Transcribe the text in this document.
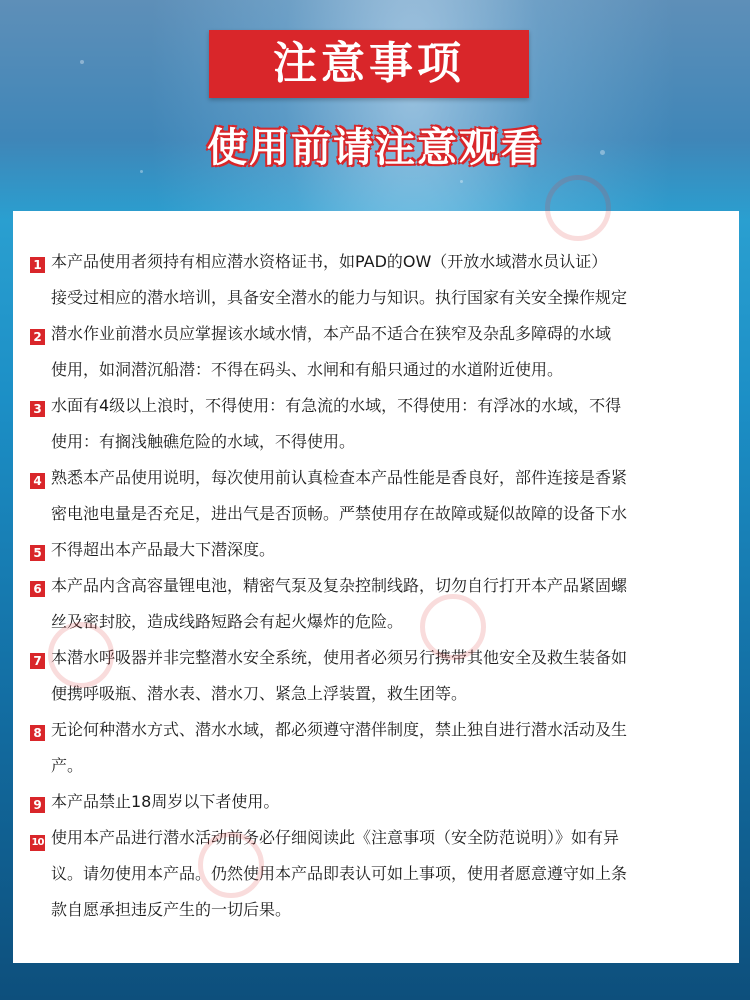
注意事项
使用前请注意观看
1 本产品使用者须持有相应潜水资格证书，如PAD的OW（开放水域潜水员认证）
接受过相应的潜水培训，具备安全潜水的能力与知识。执行国家有关安全操作规定
2 潜水作业前潜水员应掌握该水域水情，本产品不适合在狭窄及杂乱多障碍的水域
使用，如洞潜沉船潜：不得在码头、水闸和有船只通过的水道附近使用。
3 水面有4级以上浪时，不得使用：有急流的水域，不得使用：有浮冰的水域，不得
使用：有搁浅触礁危险的水域，不得使用。
4 熟悉本产品使用说明，每次使用前认真检查本产品性能是香良好，部件连接是香紧
密电池电量是否充足，进出气是否顶畅。严禁使用存在故障或疑似故障的设备下水
5 不得超出本产品最大下潜深度。
6 本产品内含高容量锂电池，精密气泵及复杂控制线路，切勿自行打开本产品紧固螺
丝及密封胶，造成线路短路会有起火爆炸的危险。
7 本潜水呼吸器并非完整潜水安全系统，使用者必须另行携带其他安全及救生装备如
便携呼吸瓶、潜水表、潜水刀、紧急上浮装置，救生团等。
8 无论何种潜水方式、潜水水域，都必须遵守潜伴制度，禁止独自进行潜水活动及生
产。
9 本产品禁止18周岁以下者使用。
10 使用本产品进行潜水活动前务必仔细阅读此《注意事项（安全防范说明）》如有异
议。请勿使用本产品。仍然使用本产品即表认可如上事项，使用者愿意遵守如上条
款自愿承担违反产生的一切后果。
